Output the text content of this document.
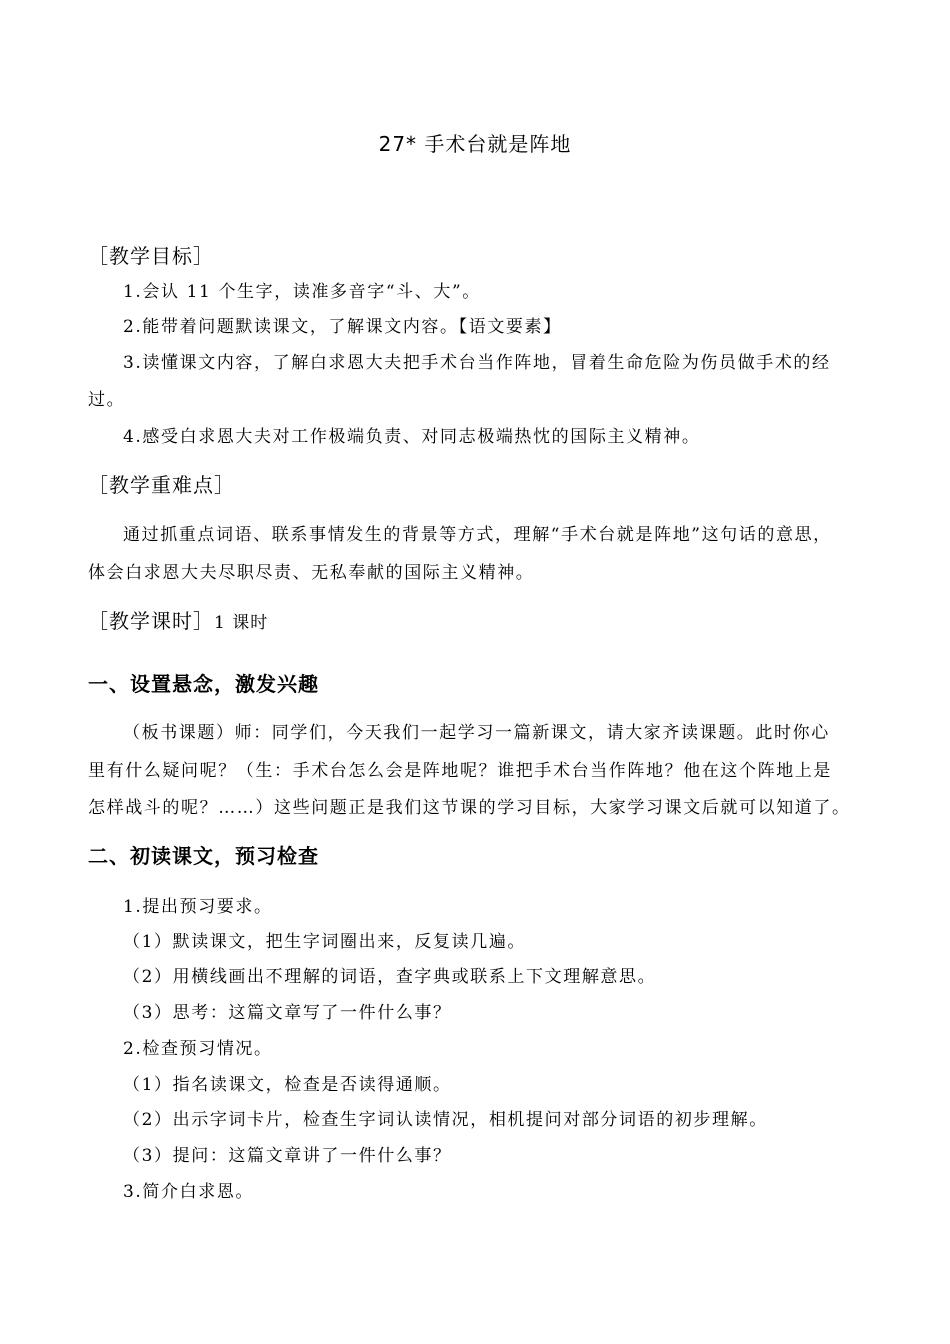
27* 手术台就是阵地
［教学目标］
1.会认 11 个生字，读准多音字“斗、大”。
2.能带着问题默读课文，了解课文内容。【语文要素】
3.读懂课文内容，了解白求恩大夫把手术台当作阵地，冒着生命危险为伤员做手术的经
过。
4.感受白求恩大夫对工作极端负责、对同志极端热忱的国际主义精神。
［教学重难点］
通过抓重点词语、联系事情发生的背景等方式，理解“手术台就是阵地”这句话的意思，
体会白求恩大夫尽职尽责、无私奉献的国际主义精神。
［教学课时］1 课时
一、设置悬念，激发兴趣
（板书课题）师：同学们，今天我们一起学习一篇新课文，请大家齐读课题。此时你心
里有什么疑问呢？（生：手术台怎么会是阵地呢？谁把手术台当作阵地？他在这个阵地上是
怎样战斗的呢？……）这些问题正是我们这节课的学习目标，大家学习课文后就可以知道了。
二、初读课文，预习检查
1.提出预习要求。
（1）默读课文，把生字词圈出来，反复读几遍。
（2）用横线画出不理解的词语，查字典或联系上下文理解意思。
（3）思考：这篇文章写了一件什么事？
2.检查预习情况。
（1）指名读课文，检查是否读得通顺。
（2）出示字词卡片，检查生字词认读情况，相机提问对部分词语的初步理解。
（3）提问：这篇文章讲了一件什么事？
3.简介白求恩。
